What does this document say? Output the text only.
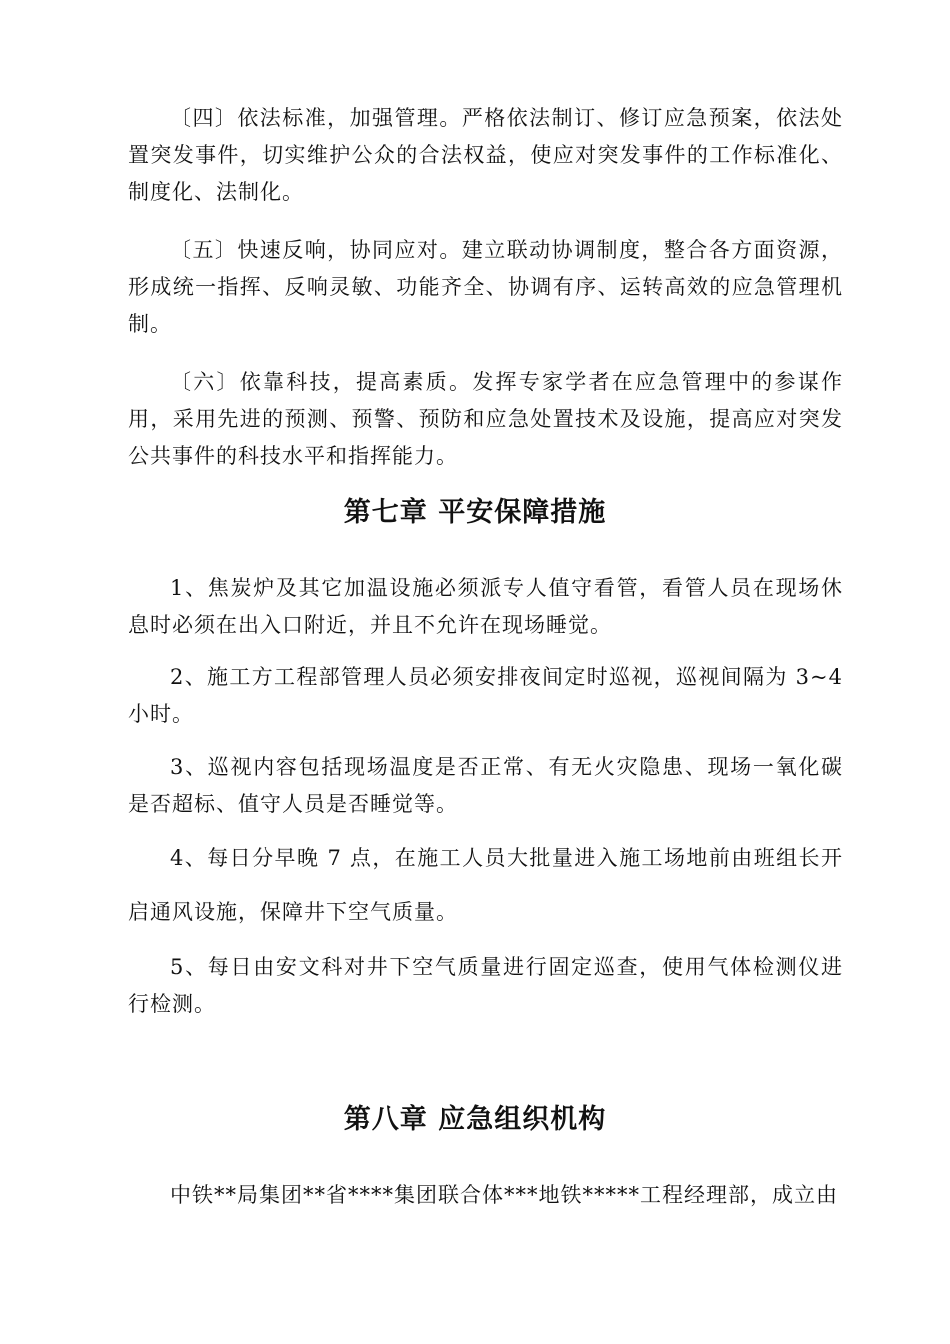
〔四〕依法标准，加强管理。严格依法制订、修订应急预案，依法处置突发事件，切实维护公众的合法权益，使应对突发事件的工作标准化、制度化、法制化。

〔五〕快速反响，协同应对。建立联动协调制度，整合各方面资源，形成统一指挥、反响灵敏、功能齐全、协调有序、运转高效的应急管理机制。

〔六〕依靠科技，提高素质。发挥专家学者在应急管理中的参谋作用，采用先进的预测、预警、预防和应急处置技术及设施，提高应对突发公共事件的科技水平和指挥能力。

第七章 平安保障措施

1、焦炭炉及其它加温设施必须派专人值守看管，看管人员在现场休息时必须在出入口附近，并且不允许在现场睡觉。

2、施工方工程部管理人员必须安排夜间定时巡视，巡视间隔为 3~4 小时。

3、巡视内容包括现场温度是否正常、有无火灾隐患、现场一氧化碳是否超标、值守人员是否睡觉等。

4、每日分早晚 7 点，在施工人员大批量进入施工场地前由班组长开启通风设施，保障井下空气质量。

5、每日由安文科对井下空气质量进行固定巡查，使用气体检测仪进行检测。

第八章 应急组织机构

中铁**局集团**省****集团联合体***地铁*****工程经理部，成立由
